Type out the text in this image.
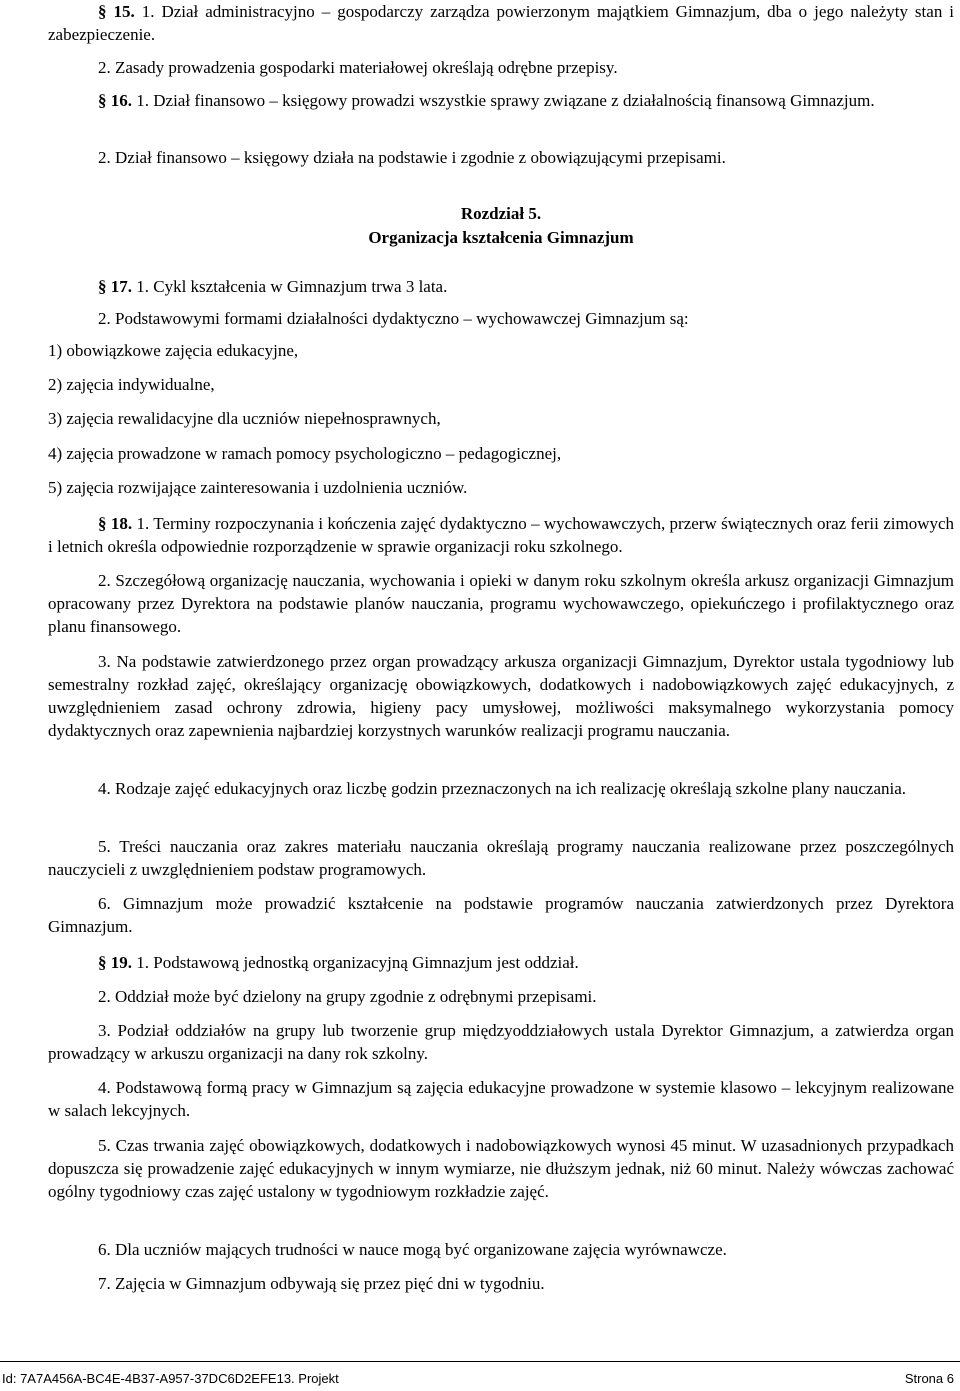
§ 15. 1. Dział administracyjno – gospodarczy zarządza powierzonym majątkiem Gimnazjum, dba o jego należyty stan i zabezpieczenie.
2. Zasady prowadzenia gospodarki materiałowej określają odrębne przepisy.
§ 16. 1. Dział finansowo – księgowy prowadzi wszystkie sprawy związane z działalnością finansową Gimnazjum.
2. Dział finansowo – księgowy działa na podstawie i zgodnie z obowiązującymi przepisami.
Rozdział 5.
Organizacja kształcenia Gimnazjum
§ 17. 1. Cykl kształcenia w Gimnazjum trwa 3 lata.
2. Podstawowymi formami działalności dydaktyczno – wychowawczej Gimnazjum są:
1) obowiązkowe zajęcia edukacyjne,
2) zajęcia indywidualne,
3) zajęcia rewalidacyjne dla uczniów niepełnosprawnych,
4) zajęcia prowadzone w ramach pomocy psychologiczno – pedagogicznej,
5) zajęcia rozwijające zainteresowania i uzdolnienia uczniów.
§ 18. 1. Terminy rozpoczynania i kończenia zajęć dydaktyczno – wychowawczych, przerw świątecznych oraz ferii zimowych i letnich określa odpowiednie rozporządzenie w sprawie organizacji roku szkolnego.
2. Szczegółową organizację nauczania, wychowania i opieki w danym roku szkolnym określa arkusz organizacji Gimnazjum opracowany przez Dyrektora na podstawie planów nauczania, programu wychowawczego, opiekuńczego i profilaktycznego oraz planu finansowego.
3. Na podstawie zatwierdzonego przez organ prowadzący arkusza organizacji Gimnazjum, Dyrektor ustala tygodniowy lub semestralny rozkład zajęć, określający organizację obowiązkowych, dodatkowych i nadobowiązkowych zajęć edukacyjnych, z uwzględnieniem zasad ochrony zdrowia, higieny pacy umysłowej, możliwości maksymalnego wykorzystania pomocy dydaktycznych oraz zapewnienia najbardziej korzystnych warunków realizacji programu nauczania.
4. Rodzaje zajęć edukacyjnych oraz liczbę godzin przeznaczonych na ich realizację określają szkolne plany nauczania.
5. Treści nauczania oraz zakres materiału nauczania określają programy nauczania realizowane przez poszczególnych nauczycieli z uwzględnieniem podstaw programowych.
6. Gimnazjum może prowadzić kształcenie na podstawie programów nauczania zatwierdzonych przez Dyrektora Gimnazjum.
§ 19. 1. Podstawową jednostką organizacyjną Gimnazjum jest oddział.
2. Oddział może być dzielony na grupy zgodnie z odrębnymi przepisami.
3. Podział oddziałów na grupy lub tworzenie grup międzyoddziałowych ustala Dyrektor Gimnazjum, a zatwierdza organ prowadzący w arkuszu organizacji na dany rok szkolny.
4. Podstawową formą pracy w Gimnazjum są zajęcia edukacyjne prowadzone w systemie klasowo – lekcyjnym realizowane w salach lekcyjnych.
5. Czas trwania zajęć obowiązkowych, dodatkowych i nadobowiązkowych wynosi 45 minut. W uzasadnionych przypadkach dopuszcza się prowadzenie zajęć edukacyjnych w innym wymiarze, nie dłuższym jednak, niż 60 minut. Należy wówczas zachować ogólny tygodniowy czas zajęć ustalony w tygodniowym rozkładzie zajęć.
6. Dla uczniów mających trudności w nauce mogą być organizowane zajęcia wyrównawcze.
7. Zajęcia w Gimnazjum odbywają się przez pięć dni w tygodniu.
Id: 7A7A456A-BC4E-4B37-A957-37DC6D2EFE13. Projekt	Strona 6
